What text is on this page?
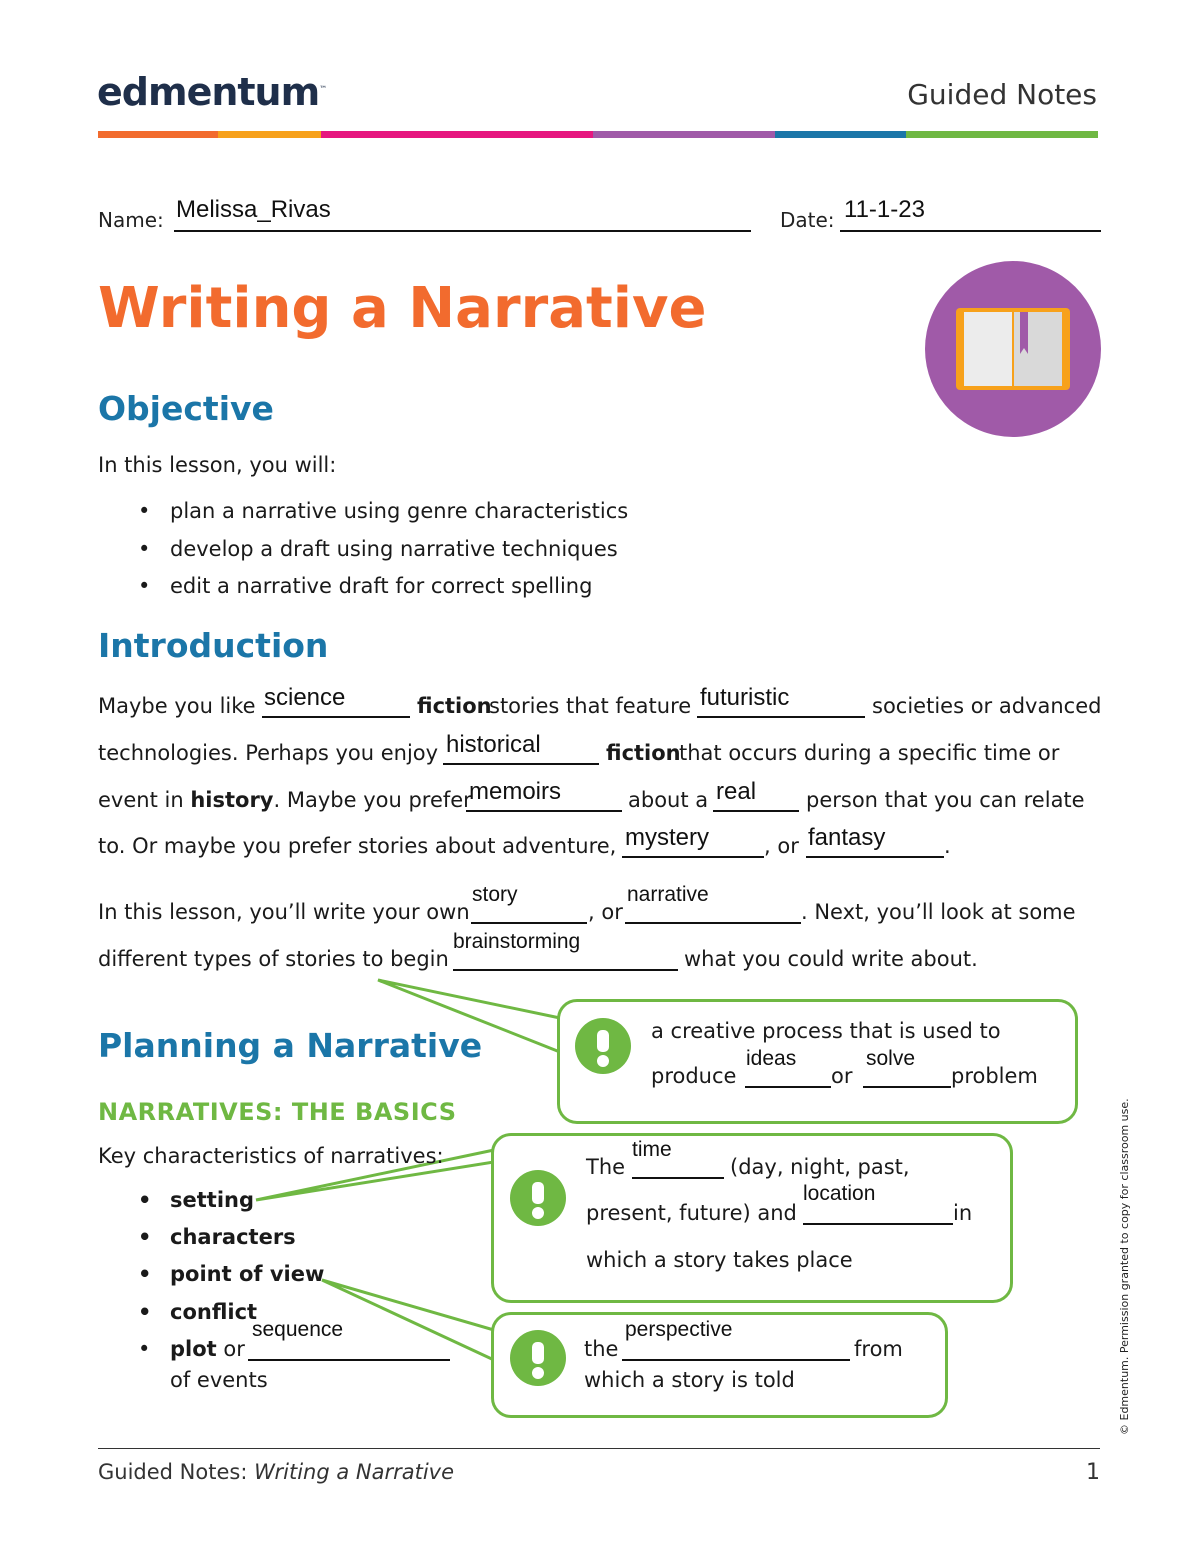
edmentum™	Guided Notes
Name: Melissa_Rivas	Date: 11-1-23
Writing a Narrative
Objective
In this lesson, you will:
• plan a narrative using genre characteristics
• develop a draft using narrative techniques
• edit a narrative draft for correct spelling
Introduction
Maybe you like science	fiction
stories that feature futuristic	societies or advanced
technologies. Perhaps you enjoy historical	fiction
that occurs during a specific time or
event in history. Maybe you prefer
memoirs	about a real person that you can relate
to. Or maybe you prefer stories about adventure, mystery	, or fantasy	.
In this lesson, you’ll write your own
story
, or
narrative
. Next, you’ll look at some
different types of stories to begin
brainstorming
what you could write about.
a creative process that is used to
produce
ideas
or
solve
problem
Planning a Narrative
NARRATIVES: THE BASICS
Key characteristics of narratives:
• setting
• characters
• point of view
• conflict
• plot or
sequence
of events
The
time
(day, night, past,
present, future) and
location
in
which a story takes place
the
perspective
from
which a story is told	© Edmentum. Permission granted to copy for classroom use.
Guided Notes: Writing a Narrative	1
